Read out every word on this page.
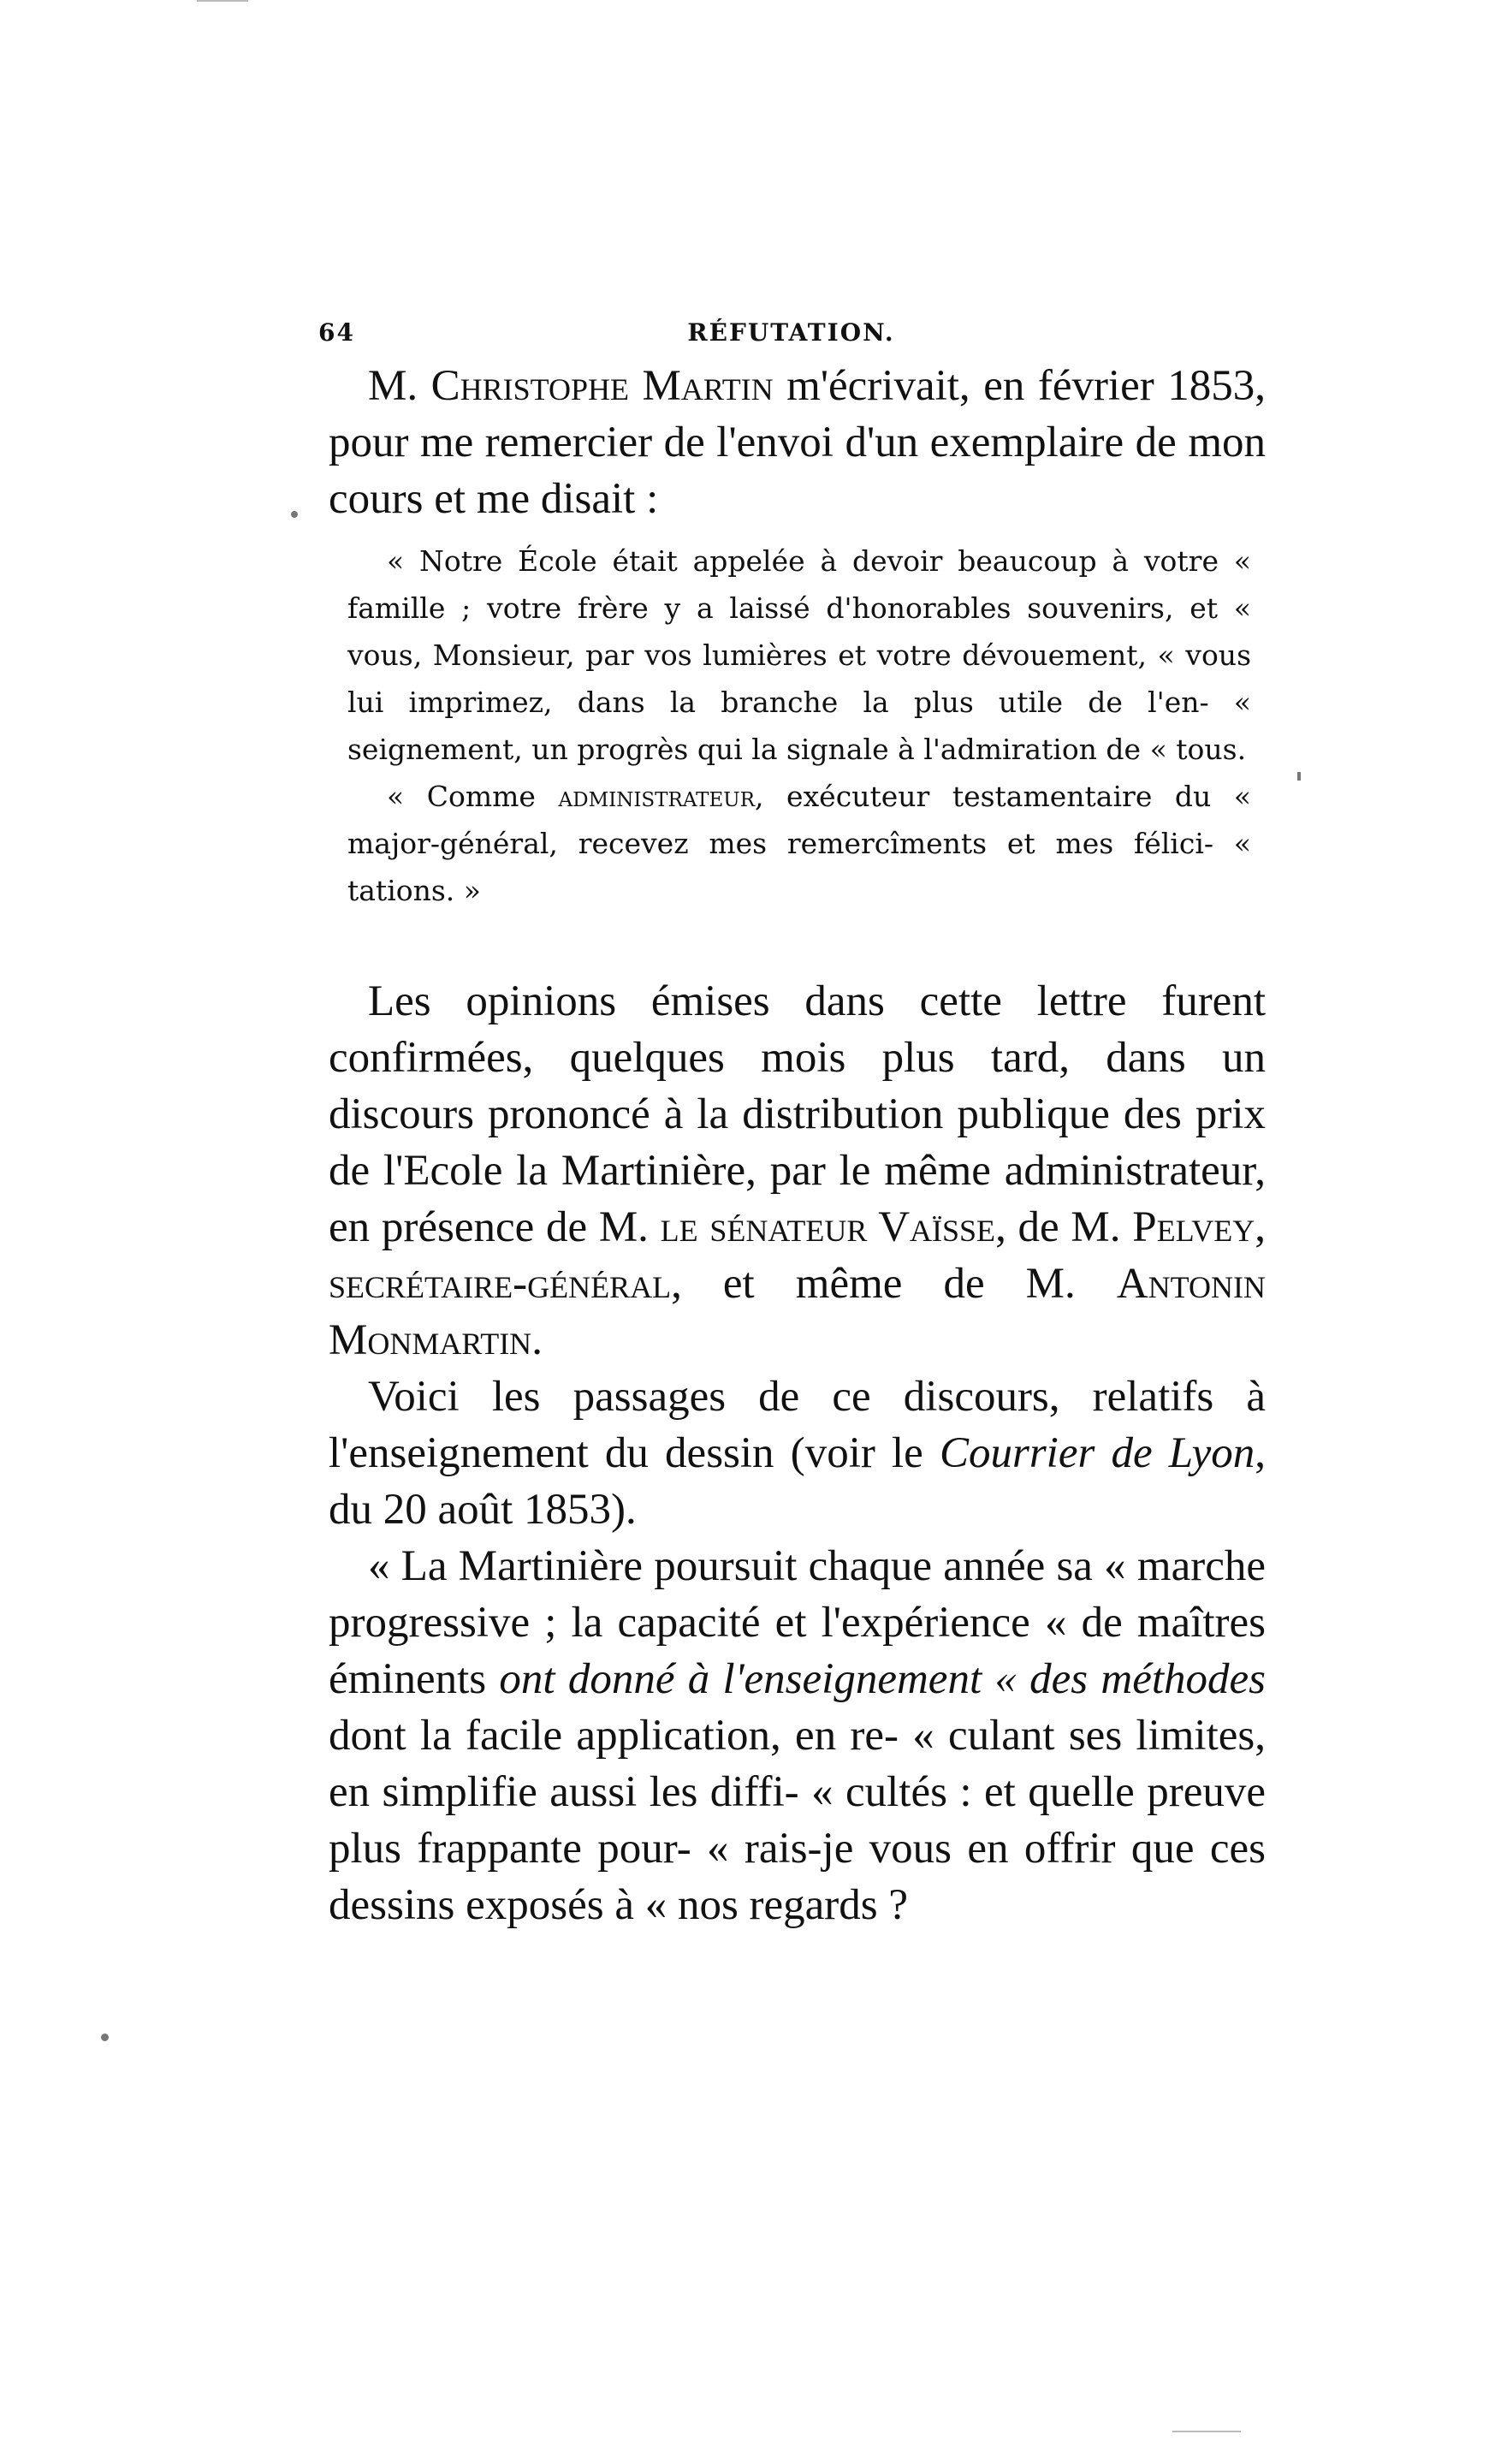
64	RÉFUTATION.

M. Christophe Martin m'écrivait, en février 1853, pour me remercier de l'envoi d'un exemplaire de mon cours et me disait :

« Notre École était appelée à devoir beaucoup à votre « famille ; votre frère y a laissé d'honorables souvenirs, et « vous, Monsieur, par vos lumières et votre dévouement, « vous lui imprimez, dans la branche la plus utile de l'en- « seignement, un progrès qui la signale à l'admiration de « tous.

« Comme administrateur, exécuteur testamentaire du « major-général, recevez mes remercîments et mes félici- « tations. »

Les opinions émises dans cette lettre furent confirmées, quelques mois plus tard, dans un discours prononcé à la distribution publique des prix de l'Ecole la Martinière, par le même administrateur, en présence de M. le sénateur Vaïsse, de M. Pelvey, secrétaire-général, et même de M. Antonin Monmartin.

Voici les passages de ce discours, relatifs à l'enseignement du dessin (voir le Courrier de Lyon, du 20 août 1853).

« La Martinière poursuit chaque année sa « marche progressive ; la capacité et l'expérience « de maîtres éminents ont donné à l'enseignement « des méthodes dont la facile application, en re- « culant ses limites, en simplifie aussi les diffi- « cultés : et quelle preuve plus frappante pour- « rais-je vous en offrir que ces dessins exposés à « nos regards ?
